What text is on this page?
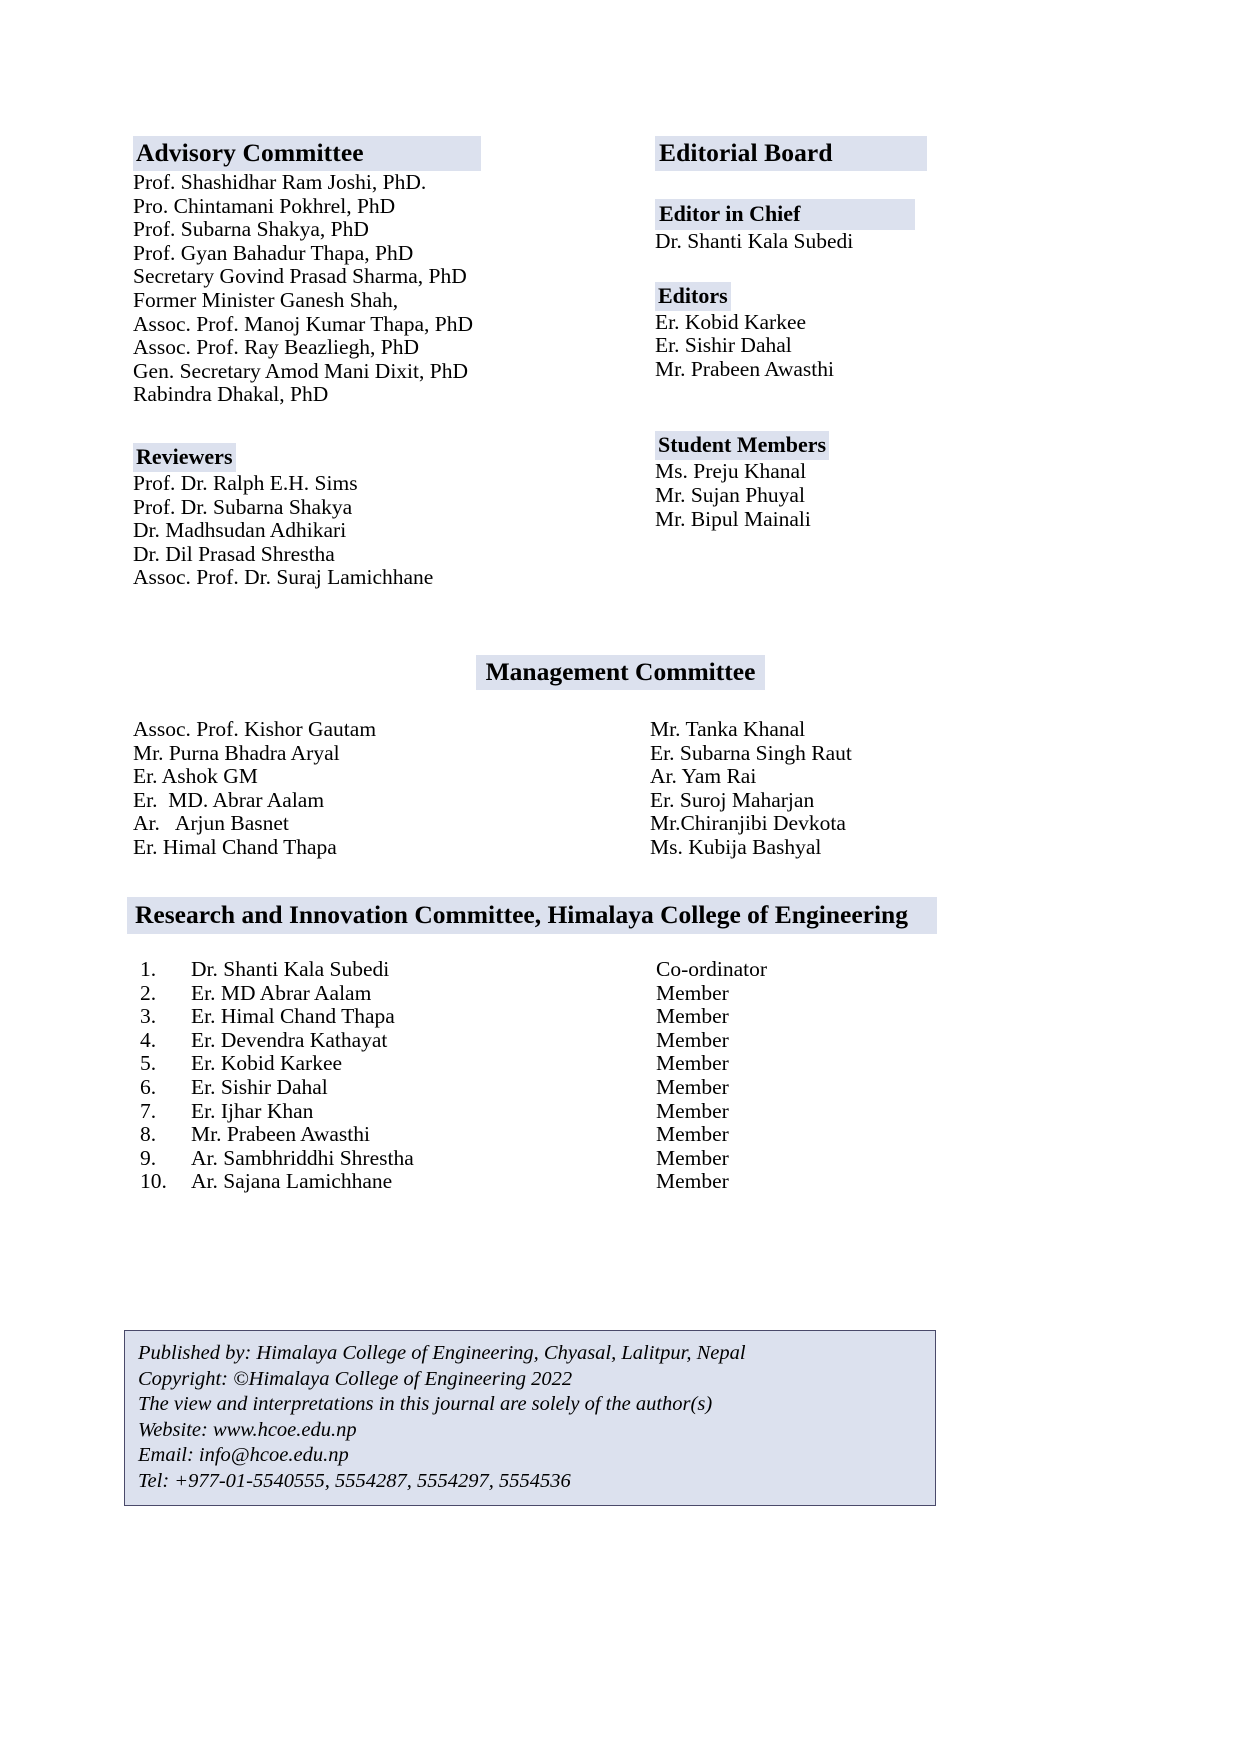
Advisory Committee
Prof. Shashidhar Ram Joshi, PhD.
Pro. Chintamani Pokhrel, PhD
Prof. Subarna Shakya, PhD
Prof. Gyan Bahadur Thapa, PhD
Secretary Govind Prasad Sharma, PhD
Former Minister Ganesh Shah,
Assoc. Prof. Manoj Kumar Thapa, PhD
Assoc. Prof. Ray Beazliegh, PhD
Gen. Secretary Amod Mani Dixit, PhD
Rabindra Dhakal, PhD
Reviewers
Prof. Dr. Ralph E.H. Sims
Prof. Dr. Subarna Shakya
Dr. Madhsudan Adhikari
Dr. Dil Prasad Shrestha
Assoc. Prof. Dr. Suraj Lamichhane
Editorial Board
Editor in Chief
Dr. Shanti Kala Subedi
Editors
Er. Kobid Karkee
Er. Sishir Dahal
Mr. Prabeen Awasthi
Student Members
Ms. Preju Khanal
Mr. Sujan Phuyal
Mr. Bipul Mainali
Management Committee
Assoc. Prof. Kishor Gautam
Mr. Purna Bhadra Aryal
Er. Ashok GM
Er.  MD. Abrar Aalam
Ar.   Arjun Basnet
Er. Himal Chand Thapa
Mr. Tanka Khanal
Er. Subarna Singh Raut
Ar. Yam Rai
Er. Suroj Maharjan
Mr.Chiranjibi Devkota
Ms. Kubija Bashyal
Research and Innovation Committee, Himalaya College of Engineering
1.	Dr. Shanti Kala Subedi	Co-ordinator
2.	Er. MD Abrar Aalam	Member
3.	Er. Himal Chand Thapa	Member
4.	Er. Devendra Kathayat	Member
5.	Er. Kobid Karkee	Member
6.	Er. Sishir Dahal	Member
7.	Er. Ijhar Khan	Member
8.	Mr. Prabeen Awasthi	Member
9.	Ar. Sambhriddhi Shrestha	Member
10.	Ar. Sajana Lamichhane	Member
Published by: Himalaya College of Engineering, Chyasal, Lalitpur, Nepal
Copyright: ©Himalaya College of Engineering 2022
The view and interpretations in this journal are solely of the author(s)
Website: www.hcoe.edu.np
Email: info@hcoe.edu.np
Tel: +977-01-5540555, 5554287, 5554297, 5554536
